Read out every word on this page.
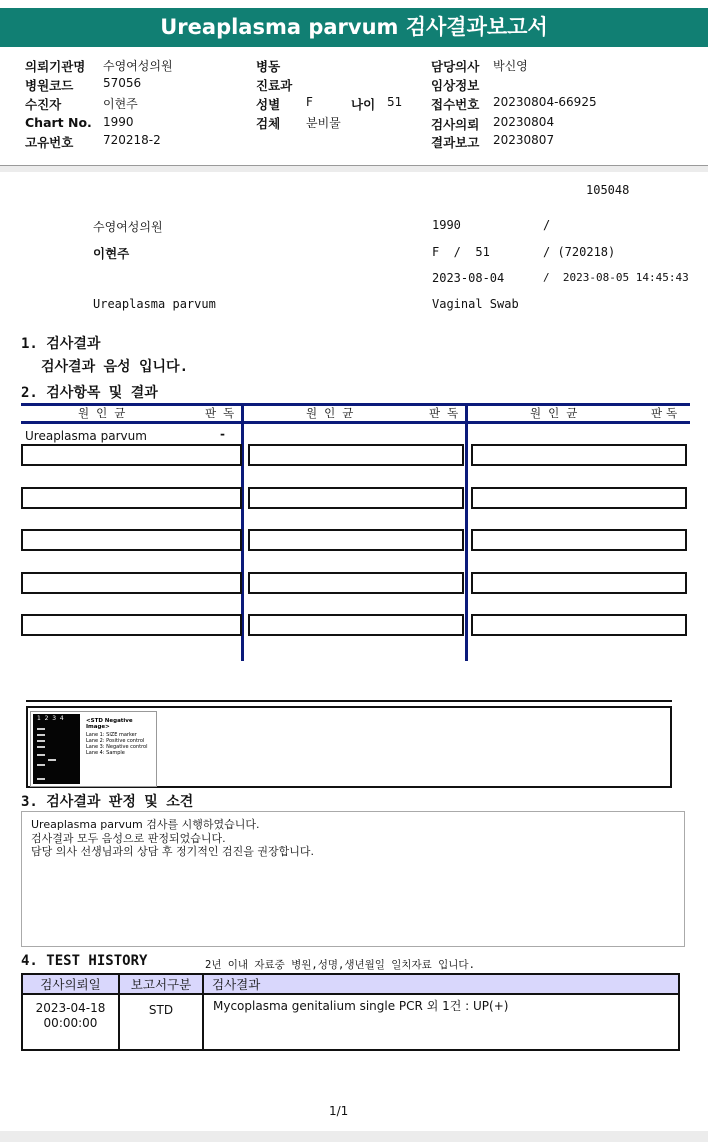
Ureaplasma parvum 검사결과보고서
의뢰기관명 수영여성의원
병원코드 57056
수진자	이현주
Chart No. 1990
고유번호 720218-2
병동
진료과
성별 F	나이 51
검체 분비물
담당의사 박신영
임상정보
접수번호 20230804-66925
검사의뢰 20230804
결과보고 20230807
105048
수영여성의원	1990	/
이현주	F  /  51	/ (720218)
2023-08-04	/  2023-08-05 14:45:43
Ureaplasma parvum	Vaginal Swab
1. 검사결과
검사결과 음성 입니다.
2. 검사항목 및 결과
원인균	판독	원인균	판독	원인균	판독
Ureaplasma parvum	-
1  2  3  4	<STD Negative Image>
Lane 1: SIZE marker
Lane 2: Positive control
Lane 3: Negative control
Lane 4: Sample
3. 검사결과 판정 및 소견
Ureaplasma parvum 검사를 시행하였습니다.
검사결과 모두 음성으로 판정되었습니다.
담당 의사 선생님과의 상담 후 정기적인 검진을 권장합니다.
4. TEST HISTORY	2년 이내 자료중 병원,성명,생년월일 일치자료 입니다.
검사의뢰일	보고서구분	검사결과

2023-04-18
00:00:00	STD	Mycoplasma genitalium single PCR 외 1건 : UP(+)
1/1
